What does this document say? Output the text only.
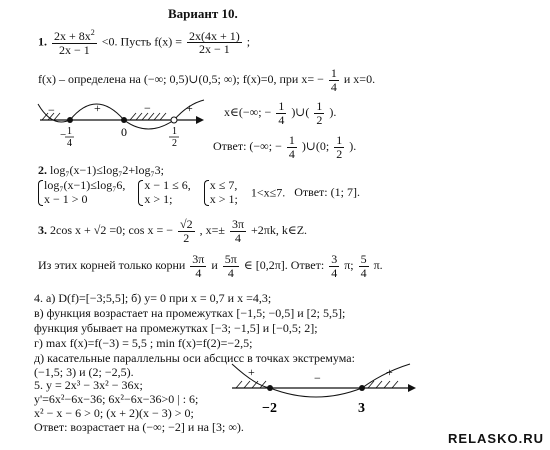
Вариант 10.
1. $\frac{2x + 8x^2}{2x - 1} <0$. Пусть $f(x) = \frac{2x(4x + 1)}{2x - 1}$ ;
f(x) – определена на (−∞; 0,5)∪(0,5; ∞); f(x)=0, при $x= - \frac{1}{4}$ и x=0.
−	+	−	+
− 1
4
0	1
2
x∈(−∞; − $\frac{1}{4}$ )∪( $\frac{1}{2}$ ).
Ответ: (−∞; − $\frac{1}{4}$ )∪(0; $\frac{1}{2}$ ).
2. log₇(x−1)≤log₇2+log₇3;
log₇(x−1)≤log₇6,
x − 1 > 0

x − 1 ≤ 6,
x > 1;

x ≤ 7,
x > 1; 1<x≤7. Ответ: (1; 7].
3. 2cos x + √2 =0; cos x = − $\frac{√2}{2}$ , $x=\pm \frac{3\pi}{4} +2\pi k$, k∈Z.
Из этих корней только корни $\frac{3\pi}{4}$ и $\frac{5\pi}{4}$ ∈ [0,2π]. Ответ: $\frac{3}{4} \pi$; $\frac{5}{4} \pi$.
4. а) D(f)=[−3;5,5]; б) y= 0 при x = 0,7 и x =4,3;
в) функция возрастает на промежутках [−1,5; −0,5] и [2; 5,5];
функция убывает на промежутках [−3; −1,5] и [−0,5; 2];
г) max f(x)=f(−3) = 5,5 ; min f(x)=f(2)=−2,5;
д) касательные параллельны оси абсцисс в точках экстремума:
(−1,5; 3) и (2; −2,5).
5. y = 2x³ − 3x² − 36x;
y'=6x²−6x−36; 6x²−6x−36>0 | : 6;
x² − x − 6 > 0; (x + 2)(x − 3) > 0;
Ответ: возрастает на (−∞; −2] и на [3; ∞).
+	−	+
−2	3
RELASKO.RU
